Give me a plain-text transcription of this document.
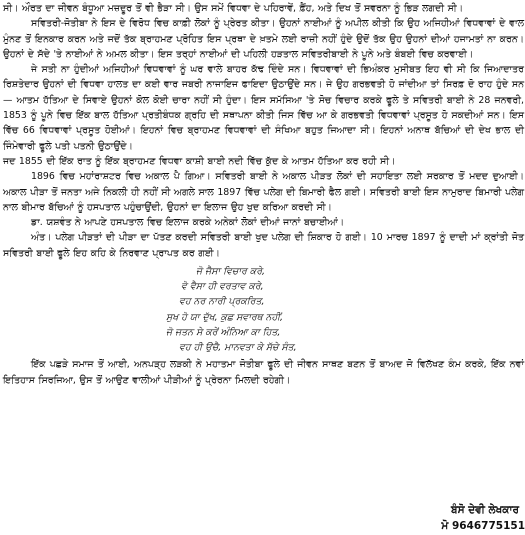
ਸੀ। ਔਰਤ ਦਾ ਜੀਵਨ ਬੰਧੂਆ ਮਜ਼ਦੂਰ ਤੋਂ ਵੀ ਭੈੜਾ ਸੀ। ਉਸ ਸਮੇਂ ਵਿਧਵਾ ਦੇ ਪਹਿਰਾਵੇਂ, ਫ਼ੈਂਹ, ਅਤੇ ਦਿਖ ਤੋਂ ਸਵਰਨਾ ਨੂੰ ਭਿੜ ਲਗਦੀ ਸੀ।

ਸਵਿਤਰੀ-ਜੋਤੀਬਾ ਨੇ ਇਸ ਦੇ ਵਿਰੋਧ ਵਿਚ ਕਾਫ਼ੀ ਲੋਕਾਂ ਨੂੰ ਪ੍ਰੇਰਤ ਕੀਤਾ। ਉਹਨਾਂ ਨਾਈਆਂ ਨੂੰ ਅਪੀਲ ਕੀਤੀ ਕਿ ਉਹ ਅਜਿਹੀਆਂ ਵਿਧਵਾਵਾਂ ਦੇ ਵਾਲ ਮੁੰਨਣ ਤੋਂ ਇਨਕਾਰ ਕਰਨ ਅਤੇ ਜਦੋਂ ਤੱਕ ਬ੍ਰਾਹਮਣ ਪ੍ਰੋਹਿਤ ਇਸ ਪ੍ਰਥਾ ਦੇ ਖ਼ਤਮੇ ਲਈ ਰਾਜ਼ੀ ਨਹੀਂ ਹੁੰਦੇ ਉਦੋਂ ਤੱਕ ਉਹ ਉਹਨਾਂ ਦੀਆਂ ਹਜਾਮਤਾਂ ਨਾ ਕਰਨ। ਉਹਨਾਂ ਦੇ ਸੱਦੇ 'ਤੇ ਨਾਈਆਂ ਨੇ ਅਮਲ ਕੀਤਾ। ਇਸ ਤਰ੍ਹਾਂ ਨਾਈਆਂ ਦੀ ਪਹਿਲੀ ਹੜਤਾਲ ਸਵਿਤਰੀਬਾਈ ਨੇ ਪੂਨੇ ਅਤੇ ਬੰਬਈ ਵਿਚ ਕਰਵਾਈ।

ਜੇ ਸਤੀ ਨਾ ਹੁੰਦੀਆਂ ਅਜਿਹੀਆਂ ਵਿਧਵਾਵਾਂ ਨੂੰ ਘਰ ਵਾਲੇ ਬਾਹਰ ਕੱਢ ਦਿੰਦੇ ਸਨ। ਵਿਧਵਾਵਾਂ ਦੀ ਭਿਅੰਕਰ ਮੁਸੀਬਤ ਇਹ ਵੀ ਸੀ ਕਿ ਜਿਆਦਾਤਰ ਰਿਸ਼ਤੇਦਾਰ ਉਹਨਾਂ ਦੀ ਵਿਧਵਾ ਹਾਲਤ ਦਾ ਕਈ ਵਾਰ ਜਬਰੀ ਨਾਜਾਇਜ ਫਾਇਦਾ ਉਠਾਉਂਦੇ ਸਨ। ਜੇ ਉਹ ਗਰਭਵਤੀ ਹੋ ਜਾਂਦੀਆ ਤਾਂ ਸਿਰਫ਼ ਦੋ ਰਾਹ ਹੁੰਦੇ ਸਨ — ਆਤਮ ਹੱਤਿਆ ਦੇ ਸਿਵਾਏ ਉਹਨਾਂ ਕੋਲ ਕੋਈ ਚਾਰਾ ਨਹੀਂ ਸੀ ਹੁੰਦਾ। ਇਸ ਸਮੱਸਿਆ 'ਤੇ ਸੋਚ ਵਿਚਾਰ ਕਰਕੇ ਫੂਲੇ ਤੇ ਸਵਿਤਰੀ ਬਾਈ ਨੇ 28 ਜਨਵਰੀ, 1853 ਨੂੰ ਪੂਨੇ ਵਿਚ ਇੱਕ ਬਾਲ ਹੱਤਿਆ ਪ੍ਰਤੀਬੰਧਕ ਗ੍ਰਹਿ ਦੀ ਸਥਾਪਨਾ ਕੀਤੀ ਜਿਸ ਵਿੱਚ ਆ ਕੇ ਗਰਭਵਤੀ ਵਿਧਵਾਵਾਂ ਪ੍ਰਸੂਤ ਹੋ ਸਕਦੀਆਂ ਸਨ। ਇਸ ਵਿੱਚ 66 ਵਿਧਵਾਵਾਂ ਪ੍ਰਸੂਤ ਹੋਈਆਂ। ਇਹਨਾਂ ਵਿਚ ਬ੍ਰਾਹਮਣ ਵਿਧਵਾਵਾਂ ਦੀ ਸੰਖਿਆ ਬਹੁਤ ਜਿਆਦਾ ਸੀ। ਇਹਨਾਂ ਅਨਾਥ ਬੱਚਿਆਂ ਦੀ ਦੇਖ ਭਾਲ ਦੀ ਜਿੰਮੇਵਾਰੀ ਫੂਲੇ ਪਤੀ ਪਤਨੀ ਉਠਾਉਂਦੇ।

ਜਦ 1855 ਦੀ ਇੱਕ ਰਾਤ ਨੂੰ ਇੱਕ ਬ੍ਰਾਹਮਣ ਵਿਧਵਾ ਕਾਸ਼ੀ ਬਾਈ ਨਦੀ ਵਿੱਚ ਕੁੱਦ ਕੇ ਆਤਮ ਹੱਤਿਆ ਕਰ ਰਹੀ ਸੀ।

1896 ਵਿਚ ਮਹਾਂਰਾਸ਼ਟਰ ਵਿਚ ਅਕਾਲ ਪੈ ਗਿਆ। ਸਵਿਤਰੀ ਬਾਈ ਨੇ ਅਕਾਲ ਪੀੜਤ ਲੋਕਾਂ ਦੀ ਸਹਾਇਤਾ ਲਈ ਸਰਕਾਰ ਤੋਂ ਮਦਦ ਦੁਆਈ। ਅਕਾਲ ਪੀੜਾ ਤੋਂ ਜਨਤਾ ਅਜੇ ਨਿਕਲੀ ਹੀ ਨਹੀਂ ਸੀ ਅਗਲੇ ਸਾਲ 1897 ਵਿੱਚ ਪਲੇਗ ਦੀ ਬਿਮਾਰੀ ਫੈਲ ਗਈ। ਸਵਿਤਰੀ ਬਾਈ ਇਸ ਨਾਮੁਰਾਦ ਬਿਮਾਰੀ ਪਲੇਗ ਨਾਲ ਬੀਮਾਰ ਬੱਚਿਆਂ ਨੂੰ ਹਸਪਤਾਲ ਪਹੁੰਚਾਉਂਦੀ, ਉਹਨਾਂ ਦਾ ਇਲਾਜ ਉਹ ਖੁਦ ਕਰਿਆ ਕਰਦੀ ਸੀ।

ਡਾ. ਯਸ਼ਵੰਤ ਨੇ ਆਪਣੇ ਹਸਪਤਾਲ ਵਿਚ ਇਲਾਜ ਕਰਕੇ ਅਨੇਕਾਂ ਲੋਕਾਂ ਦੀਆਂ ਜਾਨਾਂ ਬਚਾਈਆਂ।

ਅੰਤ। ਪਲੇਗ ਪੀੜਤਾਂ ਦੀ ਪੀੜਾ ਦਾ ਪੱਤਣ ਕਰਦੀ ਸਵਿਤਰੀ ਬਾਈ ਖੁਦ ਪਲੇਗ ਦੀ ਸ਼ਿਕਾਰ ਹੋ ਗਈ। 10 ਮਾਰਚ 1897 ਨੂੰ ਦਾਦੀ ਮਾਂ ਕ੍ਰਾਂਤੀ ਜੋਤ ਸਵਿਤਰੀ ਬਾਈ ਫੂਲੇ ਇਹ ਕਹਿ ਕੇ ਨਿਰਵਾਣ ਪ੍ਰਾਪਤ ਕਰ ਗਈ।

ਜੋ ਜੈਸਾ ਵਿਚਾਰ ਕਰੇ,
ਵੋ ਵੈਸਾ ਹੀ ਵਰਤਾਵ ਕਰੇ,
ਵਹ ਨਰ ਨਾਰੀ ਪ੍ਰਕਰਿਤ,
ਸੁਖ ਹੋ ਯਾ ਦੁੱਖ, ਕੁਛ ਸਵਾਰਥ ਨਹੀਂ,
ਜੋ ਜਤਨ ਸੇ ਕਰੇਂ ਅੰਨਿਆ ਕਾ ਹਿਤ,
ਵਹ ਹੀ ਉਚੈ, ਮਾਨਵਤਾ ਕੇ ਸੱਚੇ ਸੰਤ,

ਇੱਕ ਪਛੜੇ ਸਮਾਜ ਤੋਂ ਆਈ, ਅਨਪੜ੍ਹ ਲੜਕੀ ਨੇ ਮਹਾਤਮਾ ਜੋਤੀਬਾ ਫੂਲੇ ਦੀ ਜੀਵਨ ਸਾਥਣ ਬਣਨ ਤੋਂ ਬਾਅਦ ਜੋ ਵਿਲੱਖਣ ਕੰਮ ਕਰਕੇ, ਇੱਕ ਨਵਾਂ ਇਤਿਹਾਸ ਸਿਰਜਿਆ, ਉਸ ਤੋਂ ਆਉਣ ਵਾਲੀਆਂ ਪੀੜੀਆਂ ਨੂੰ ਪ੍ਰੇਰਨਾ ਮਿਲਦੀ ਰਹੇਗੀ।

ਬੰਸੋ ਦੇਵੀ ਲੇਖਕਾਰ
ਮੋ 9646775151
